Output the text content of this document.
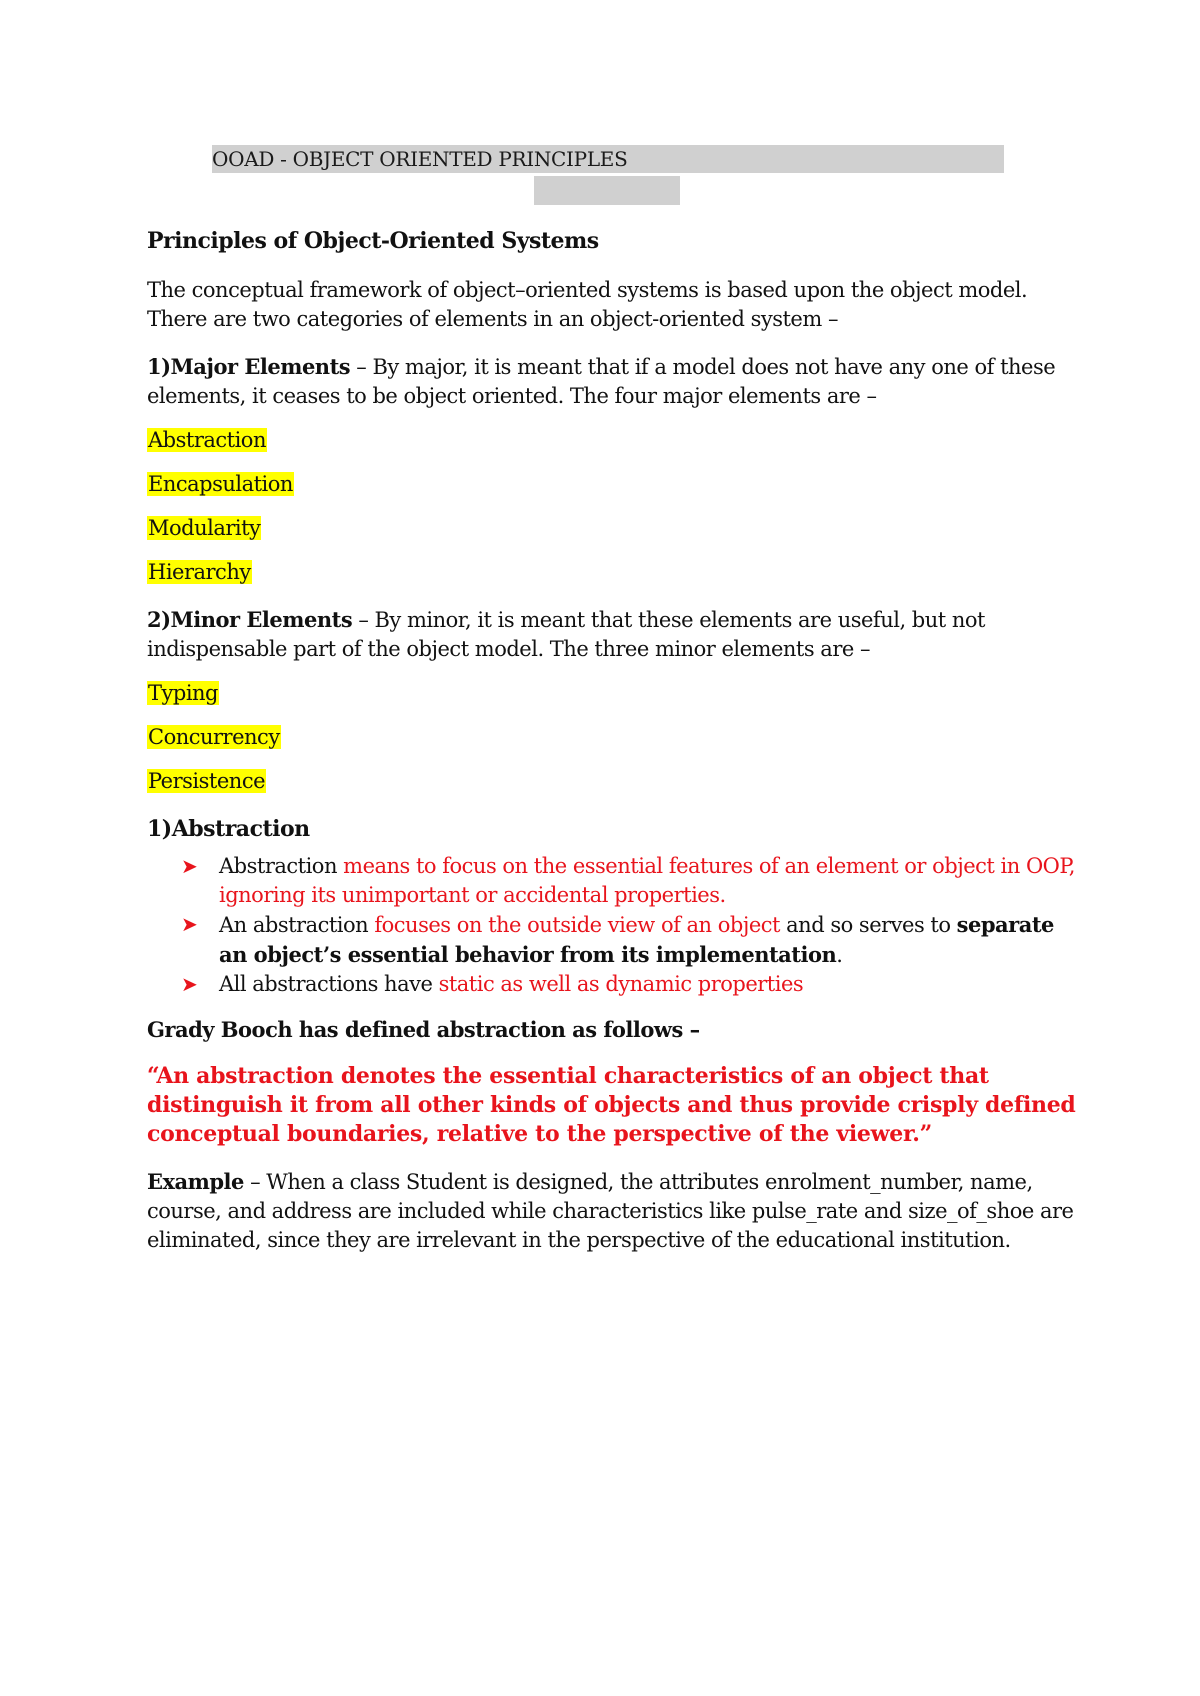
OOAD - OBJECT ORIENTED PRINCIPLES

Principles of Object-Oriented Systems

The conceptual framework of object–oriented systems is based upon the object model. There are two categories of elements in an object-oriented system –

1)Major Elements – By major, it is meant that if a model does not have any one of these elements, it ceases to be object oriented. The four major elements are –

Abstraction

Encapsulation

Modularity

Hierarchy

2)Minor Elements – By minor, it is meant that these elements are useful, but not indispensable part of the object model. The three minor elements are –

Typing

Concurrency

Persistence

1)Abstraction

➤ Abstraction means to focus on the essential features of an element or object in OOP, ignoring its unimportant or accidental properties.
➤ An abstraction focuses on the outside view of an object and so serves to separate an object’s essential behavior from its implementation.
➤ All abstractions have static as well as dynamic properties

Grady Booch has defined abstraction as follows –

“An abstraction denotes the essential characteristics of an object that distinguish it from all other kinds of objects and thus provide crisply defined conceptual boundaries, relative to the perspective of the viewer.”

Example – When a class Student is designed, the attributes enrolment_number, name, course, and address are included while characteristics like pulse_rate and size_of_shoe are eliminated, since they are irrelevant in the perspective of the educational institution.
